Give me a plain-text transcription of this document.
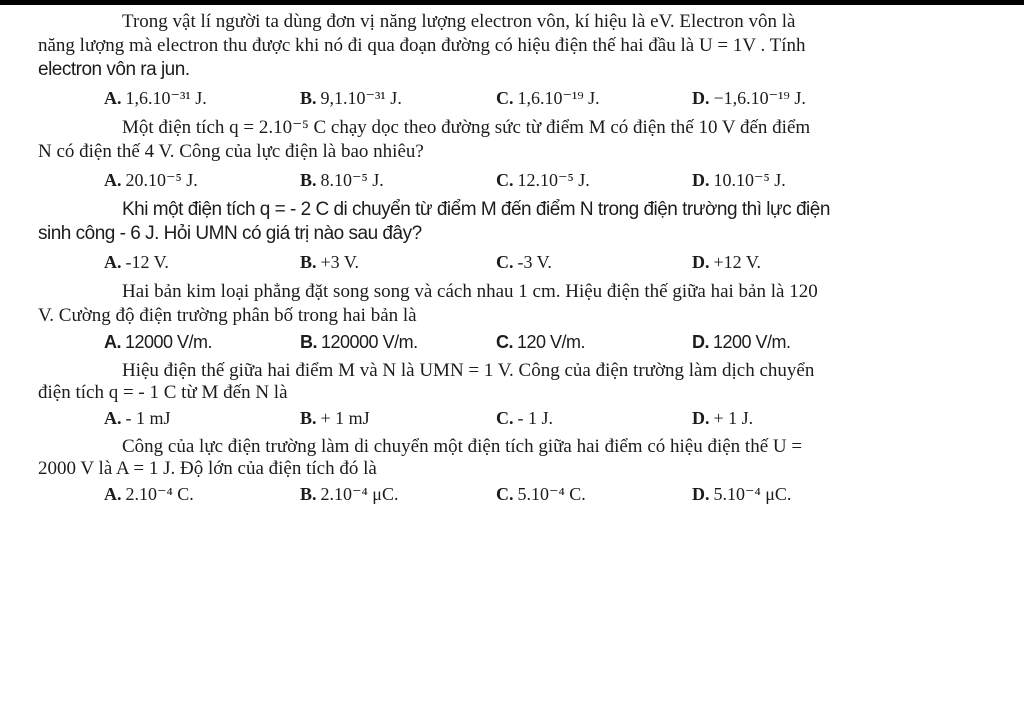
Trong vật lí người ta dùng đơn vị năng lượng electron vôn, kí hiệu là eV. Electron vôn là
năng lượng mà electron thu được khi nó đi qua đoạn đường có hiệu điện thế hai đầu là U = 1V . Tính
electron vôn ra jun.
A. 1,6.10⁻³¹ J.	B. 9,1.10⁻³¹ J.	C. 1,6.10⁻¹⁹ J.	D. −1,6.10⁻¹⁹ J.
Một điện tích q = 2.10⁻⁵ C chạy dọc theo đường sức từ điểm M có điện thế 10 V đến điểm
N có điện thế 4 V. Công của lực điện là bao nhiêu?
A. 20.10⁻⁵ J.	B. 8.10⁻⁵ J.	C. 12.10⁻⁵ J.	D. 10.10⁻⁵ J.
Khi một điện tích q = - 2 C di chuyển từ điểm M đến điểm N trong điện trường thì lực điện
sinh công - 6 J. Hỏi UMN có giá trị nào sau đây?
A. -12 V.	B. +3 V.	C. -3 V.	D. +12 V.
Hai bản kim loại phẳng đặt song song và cách nhau 1 cm. Hiệu điện thế giữa hai bản là 120
V. Cường độ điện trường phân bố trong hai bản là
A. 12000 V/m.	B. 120000 V/m.	C. 120 V/m.	D. 1200 V/m.
Hiệu điện thế giữa hai điểm M và N là UMN = 1 V. Công của điện trường làm dịch chuyển
điện tích q = - 1 C từ M đến N là
A. - 1 mJ	B. + 1 mJ	C. - 1 J.	D. + 1 J.
Công của lực điện trường làm di chuyển một điện tích giữa hai điểm có hiệu điện thế U =
2000 V là A = 1 J. Độ lớn của điện tích đó là
A. 2.10⁻⁴ C.	B. 2.10⁻⁴ μC.	C. 5.10⁻⁴ C.	D. 5.10⁻⁴ μC.
